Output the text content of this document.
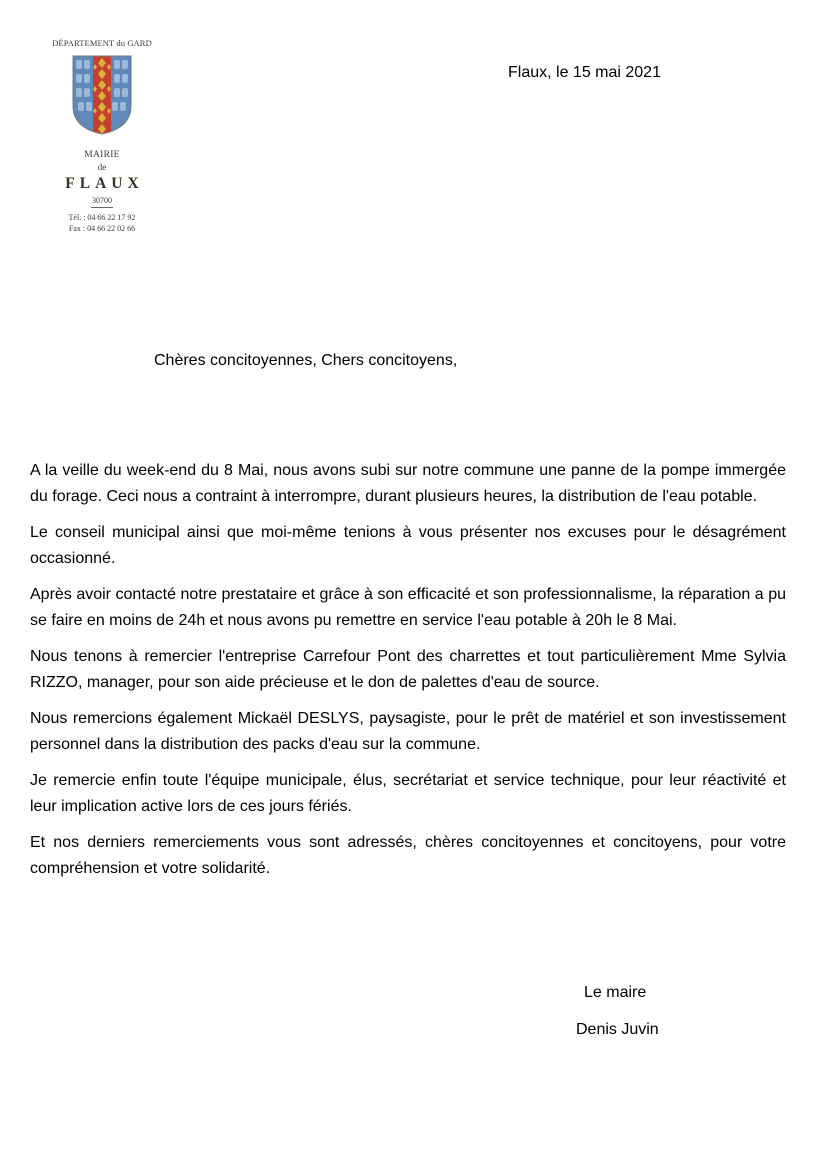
DÉPARTEMENT du GARD
MAIRIE
de
FLAUX
30700
Tél. : 04 66 22 17 92
Fax : 04 66 22 02 66
Flaux, le 15 mai 2021
Chères concitoyennes, Chers concitoyens,

A la veille du week-end du 8 Mai, nous avons subi sur notre commune une panne de la pompe immergée du forage. Ceci nous a contraint à interrompre, durant plusieurs heures, la distribution de l'eau potable.

Le conseil municipal ainsi que moi-même tenions à vous présenter nos excuses pour le désagrément occasionné.

Après avoir contacté notre prestataire et grâce à son efficacité et son professionnalisme, la réparation a pu se faire en moins de 24h et nous avons pu remettre en service l'eau potable à 20h le 8 Mai.

Nous tenons à remercier l'entreprise Carrefour Pont des charrettes et tout particulièrement Mme Sylvia RIZZO, manager, pour son aide précieuse et le don de palettes d'eau de source.

Nous remercions également Mickaël DESLYS, paysagiste, pour le prêt de matériel et son investissement personnel dans la distribution des packs d'eau sur la commune.

Je remercie enfin toute l'équipe municipale, élus, secrétariat et service technique, pour leur réactivité et leur implication active lors de ces jours fériés.

Et nos derniers remerciements vous sont adressés, chères concitoyennes et concitoyens, pour votre compréhension et votre solidarité.

Le maire
Denis Juvin
